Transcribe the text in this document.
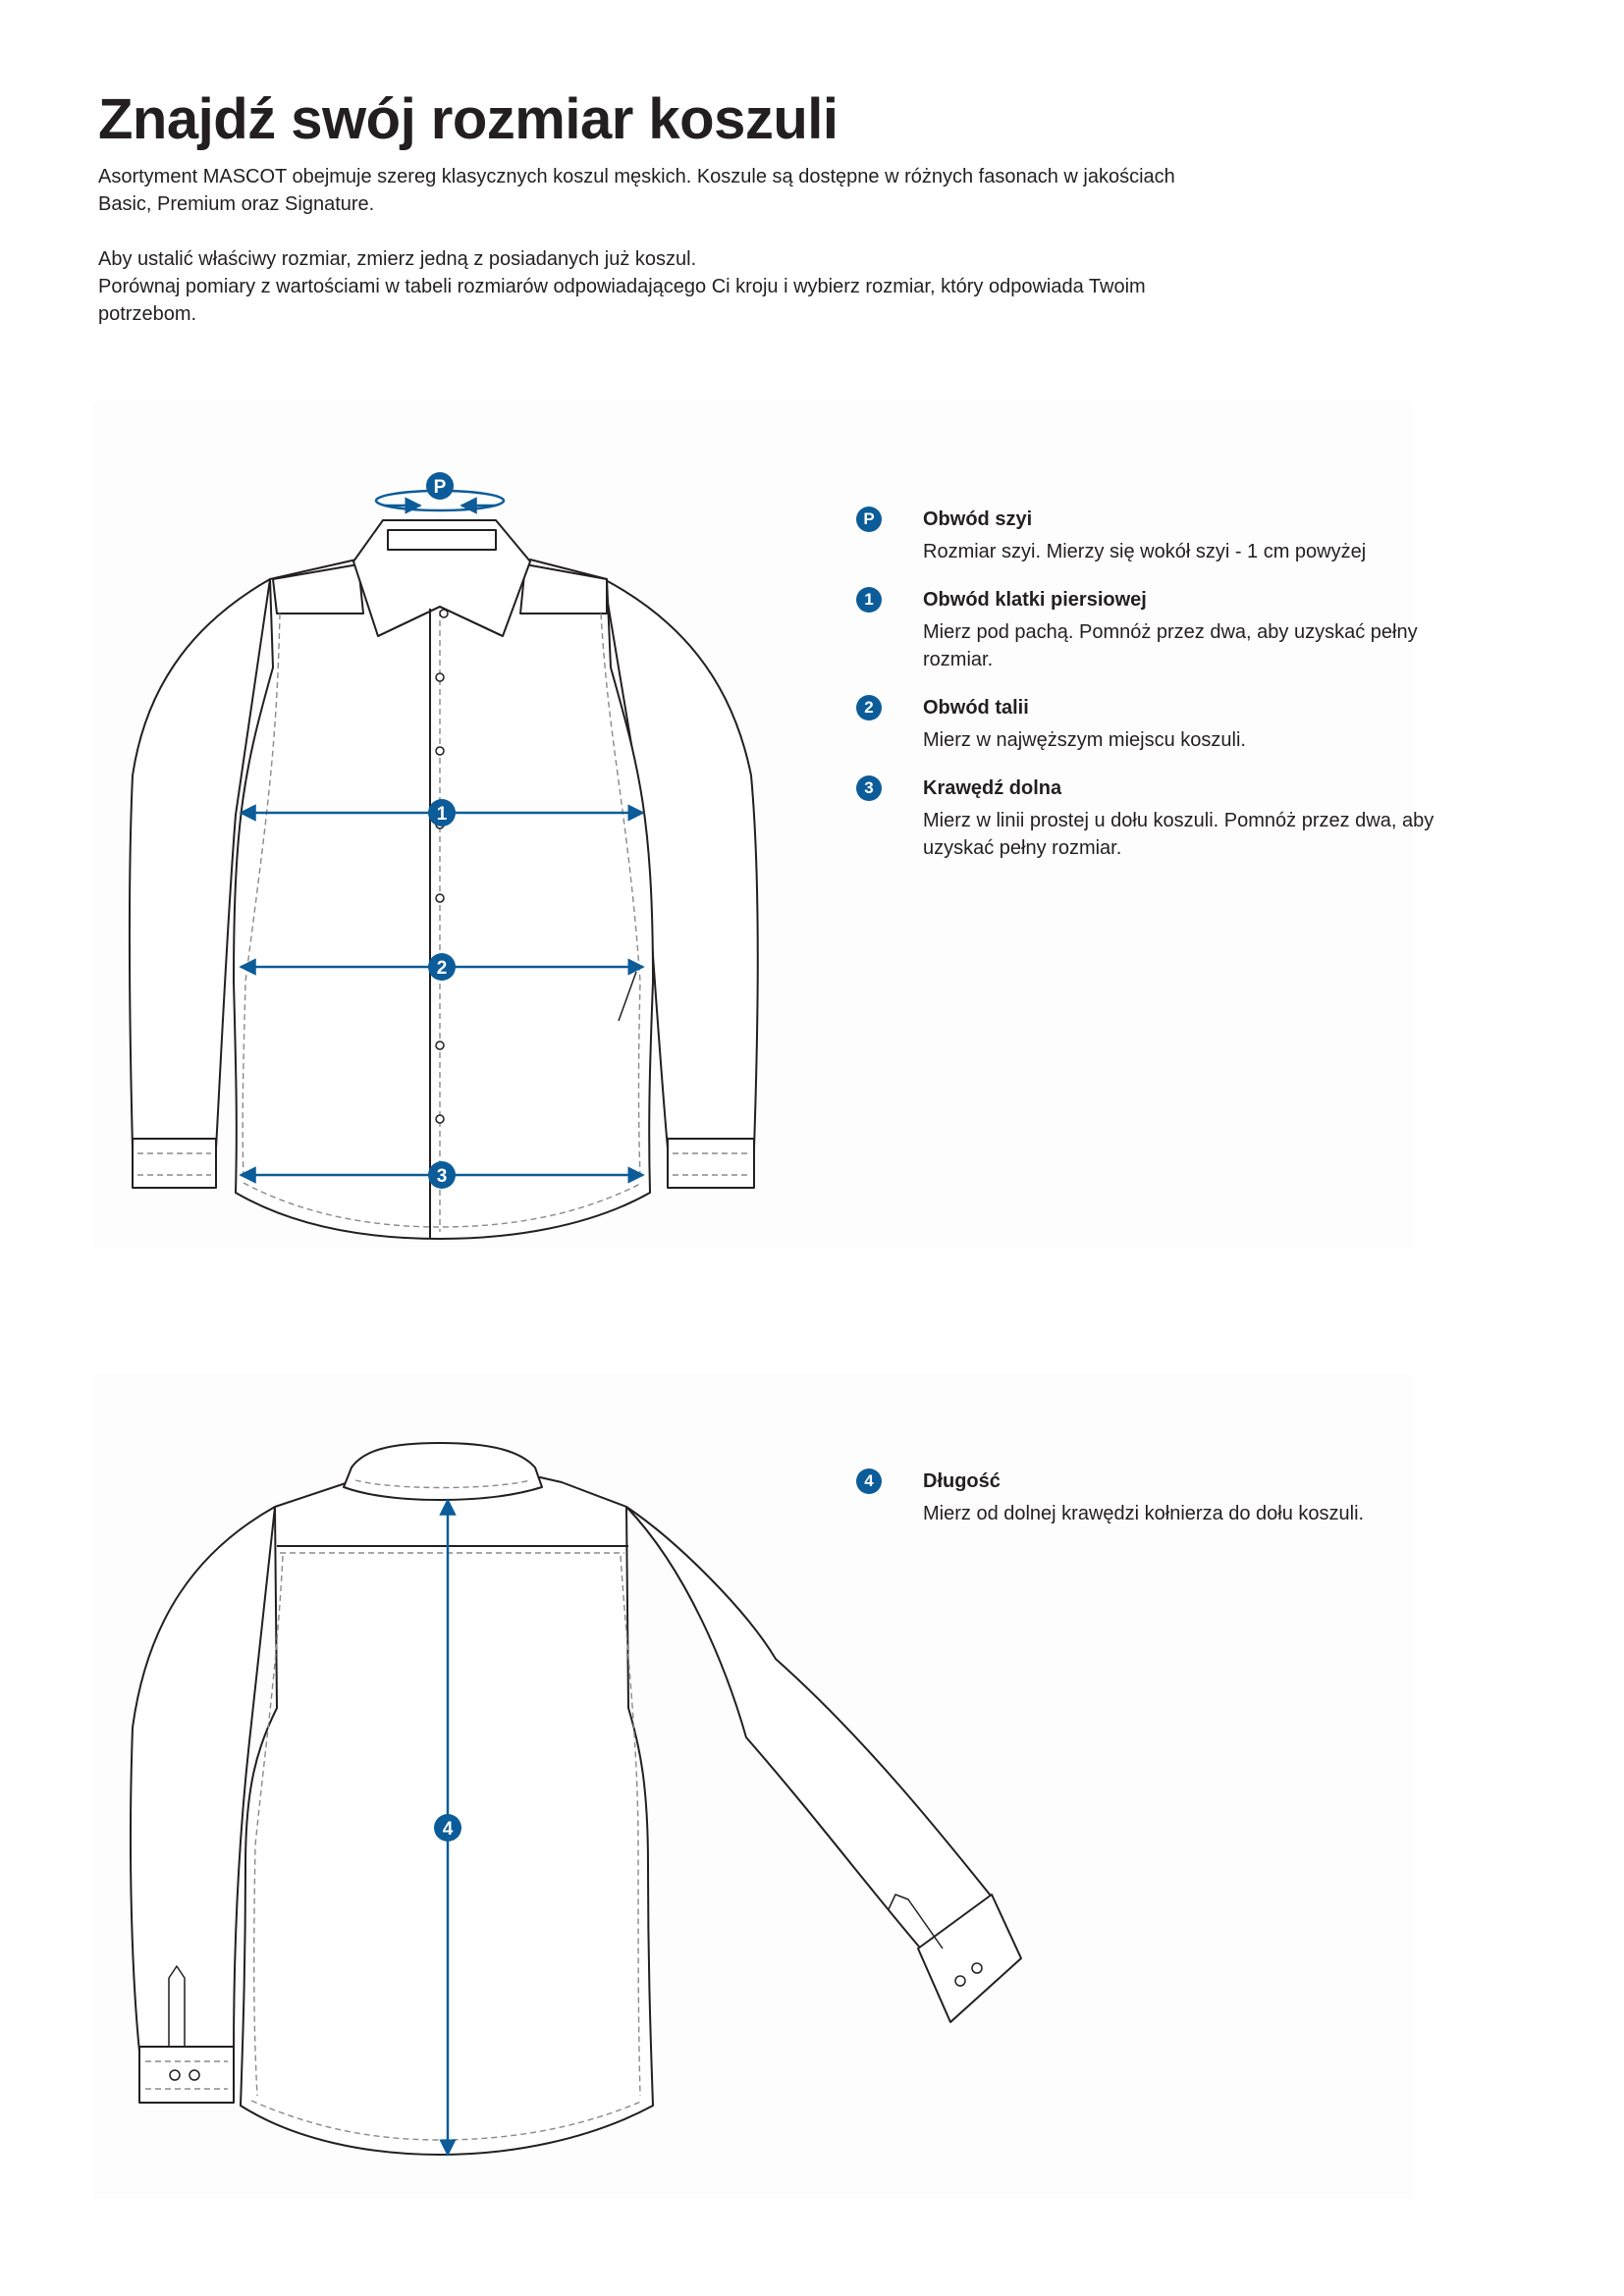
Znajdź swój rozmiar koszuli

Asortyment MASCOT obejmuje szereg klasycznych koszul męskich. Koszule są dostępne w różnych fasonach w jakościach Basic, Premium oraz Signature.

Aby ustalić właściwy rozmiar, zmierz jedną z posiadanych już koszul.
Porównaj pomiary z wartościami w tabeli rozmiarów odpowiadającego Ci kroju i wybierz rozmiar, który odpowiada Twoim potrzebom.

P
1
2
3
4
P	Obwód szyi

Rozmiar szyi. Mierzy się wokół szyi - 1 cm powyżej

1	Obwód klatki piersiowej

Mierz pod pachą. Pomnóż przez dwa, aby uzyskać pełny rozmiar.

2	Obwód talii

Mierz w najwęższym miejscu koszuli.

3	Krawędź dolna

Mierz w linii prostej u dołu koszuli. Pomnóż przez dwa, aby uzyskać pełny rozmiar.

4	Długość

Mierz od dolnej krawędzi kołnierza do dołu koszuli.
